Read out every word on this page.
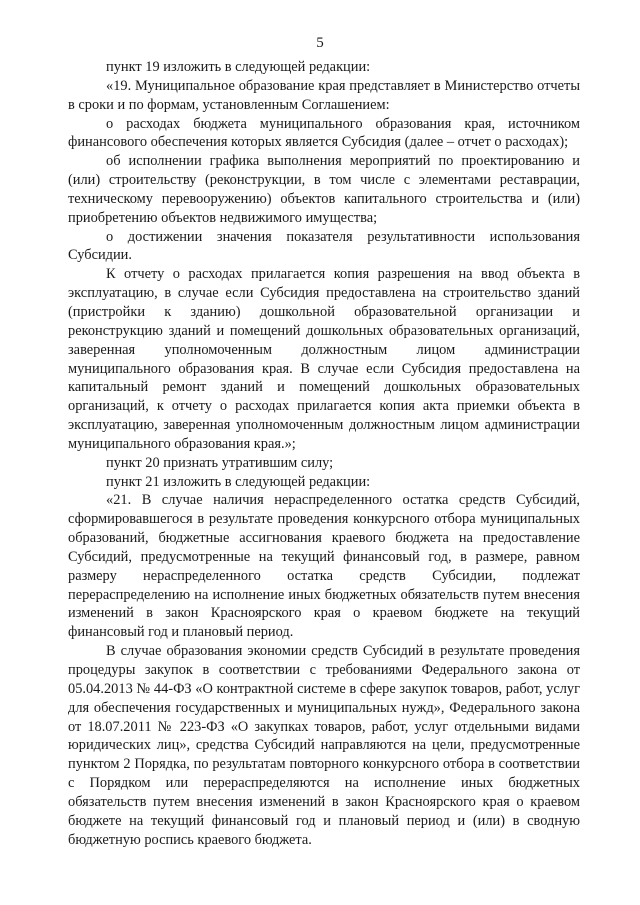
5

пункт 19 изложить в следующей редакции:

«19. Муниципальное образование края представляет в Министерство отчеты в сроки и по формам, установленным Соглашением:

о расходах бюджета муниципального образования края, источником финансового обеспечения которых является Субсидия (далее – отчет о расходах);

об исполнении графика выполнения мероприятий по проектированию и (или) строительству (реконструкции, в том числе с элементами реставрации, техническому перевооружению) объектов капитального строительства и (или) приобретению объектов недвижимого имущества;

о достижении значения показателя результативности использования Субсидии.

К отчету о расходах прилагается копия разрешения на ввод объекта в эксплуатацию, в случае если Субсидия предоставлена на строительство зданий (пристройки к зданию) дошкольной образовательной организации и реконструкцию зданий и помещений дошкольных образовательных организаций, заверенная уполномоченным должностным лицом администрации муниципального образования края. В случае если Субсидия предоставлена на капитальный ремонт зданий и помещений дошкольных образовательных организаций, к отчету о расходах прилагается копия акта приемки объекта в эксплуатацию, заверенная уполномоченным должностным лицом администрации муниципального образования края.»;

пункт 20 признать утратившим силу;

пункт 21 изложить в следующей редакции:

«21. В случае наличия нераспределенного остатка средств Субсидий, сформировавшегося в результате проведения конкурсного отбора муниципальных образований, бюджетные ассигнования краевого бюджета на предоставление Субсидий, предусмотренные на текущий финансовый год, в размере, равном размеру нераспределенного остатка средств Субсидии, подлежат перераспределению на исполнение иных бюджетных обязательств путем внесения изменений в закон Красноярского края о краевом бюджете на текущий финансовый год и плановый период.

В случае образования экономии средств Субсидий в результате проведения процедуры закупок в соответствии с требованиями Федерального закона от 05.04.2013 № 44-ФЗ «О контрактной системе в сфере закупок товаров, работ, услуг для обеспечения государственных и муниципальных нужд», Федерального закона от 18.07.2011 № 223-ФЗ «О закупках товаров, работ, услуг отдельными видами юридических лиц», средства Субсидий направляются на цели, предусмотренные пунктом 2 Порядка, по результатам повторного конкурсного отбора в соответствии с Порядком или перераспределяются на исполнение иных бюджетных обязательств путем внесения изменений в закон Красноярского края о краевом бюджете на текущий финансовый год и плановый период и (или) в сводную бюджетную роспись краевого бюджета.
